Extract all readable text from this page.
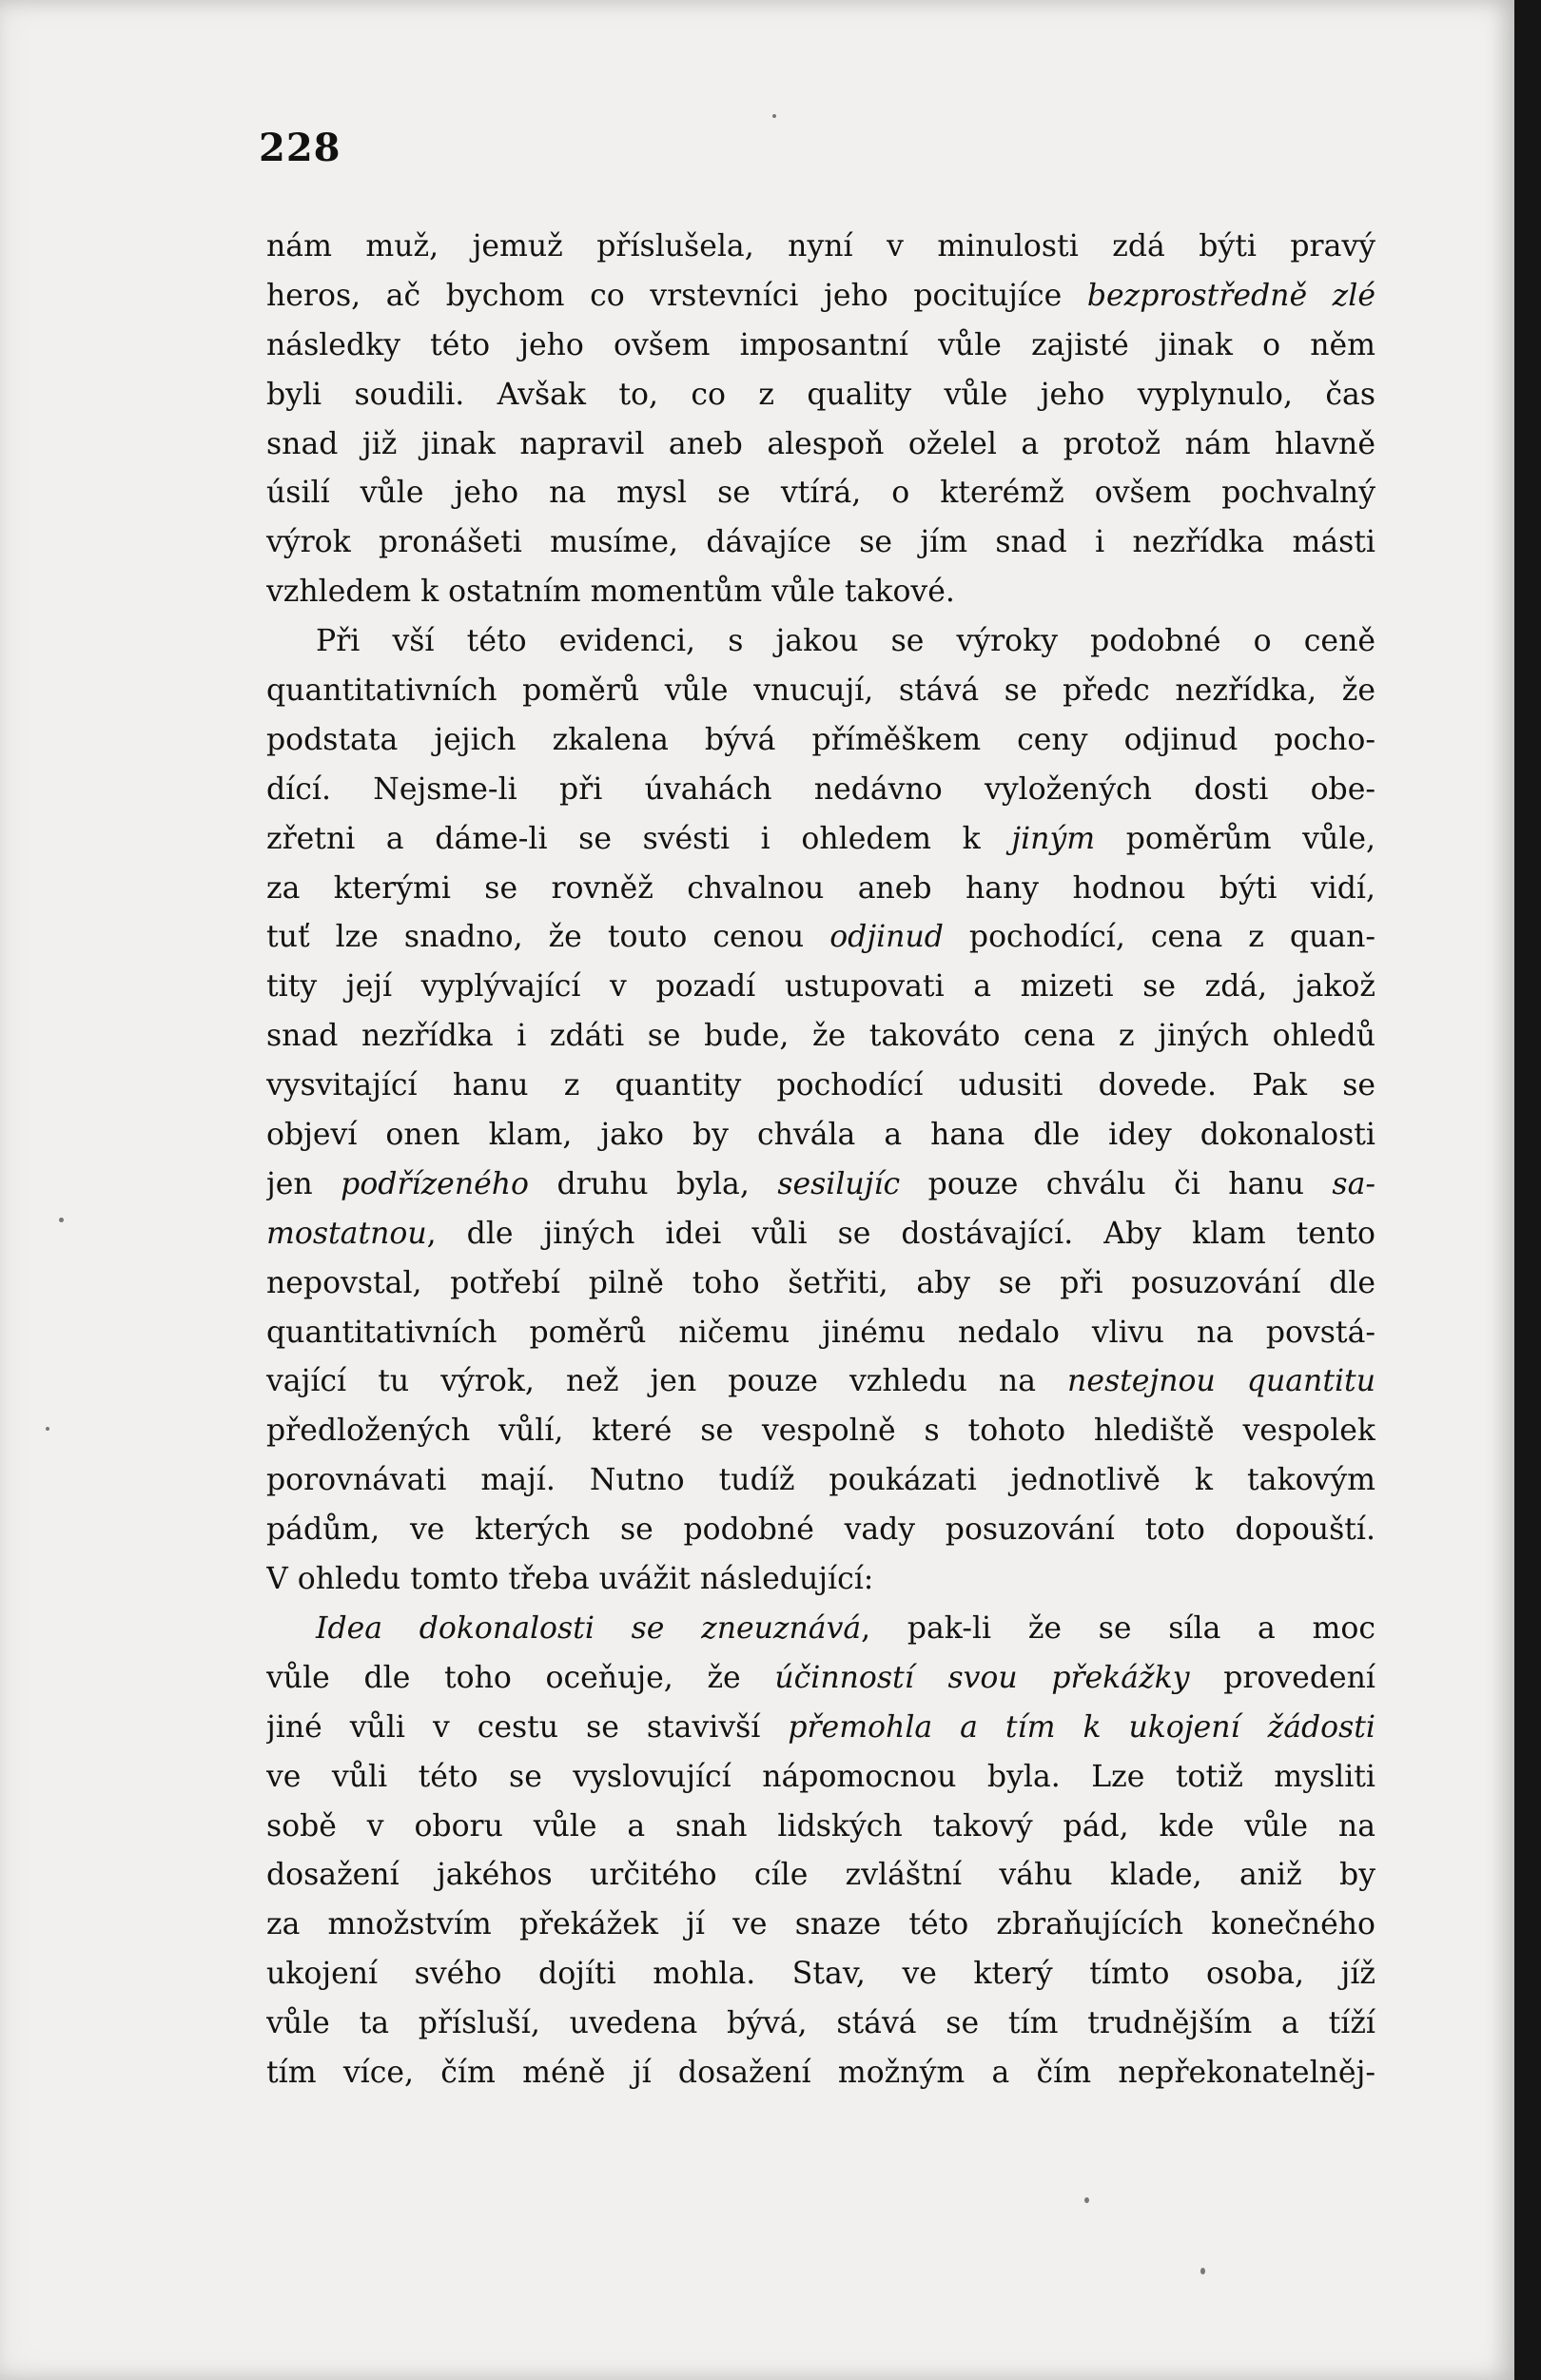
228
nám muž, jemuž příslušela, nyní v minulosti zdá býti pravý
heros, ač bychom co vrstevníci jeho pocitujíce bezprostředně zlé
následky této jeho ovšem imposantní vůle zajisté jinak o něm
byli soudili. Avšak to, co z quality vůle jeho vyplynulo, čas
snad již jinak napravil aneb alespoň oželel a protož nám hlavně
úsilí vůle jeho na mysl se vtírá, o kterémž ovšem pochvalný
výrok pronášeti musíme, dávajíce se jím snad i nezřídka másti
vzhledem k ostatním momentům vůle takové.
Při vší této evidenci, s jakou se výroky podobné o ceně
quantitativních poměrů vůle vnucují, stává se předc nezřídka, že
podstata jejich zkalena bývá příměškem ceny odjinud pocho-
dící. Nejsme-li při úvahách nedávno vyložených dosti obe-
zřetni a dáme-li se svésti i ohledem k jiným poměrům vůle,
za kterými se rovněž chvalnou aneb hany hodnou býti vidí,
tuť lze snadno, že touto cenou odjinud pochodící, cena z quan-
tity její vyplývající v pozadí ustupovati a mizeti se zdá, jakož
snad nezřídka i zdáti se bude, že takováto cena z jiných ohledů
vysvitající hanu z quantity pochodící udusiti dovede. Pak se
objeví onen klam, jako by chvála a hana dle idey dokonalosti
jen podřízeného druhu byla, sesilujíc pouze chválu či hanu sa-
mostatnou, dle jiných idei vůli se dostávající. Aby klam tento
nepovstal, potřebí pilně toho šetřiti, aby se při posuzování dle
quantitativních poměrů ničemu jinému nedalo vlivu na povstá-
vající tu výrok, než jen pouze vzhledu na nestejnou quantitu
předložených vůlí, které se vespolně s tohoto hlediště vespolek
porovnávati mají. Nutno tudíž poukázati jednotlivě k takovým
pádům, ve kterých se podobné vady posuzování toto dopouští.
V ohledu tomto třeba uvážit následující:
Idea dokonalosti se zneuznává, pak-li že se síla a moc
vůle dle toho oceňuje, že účinností svou překážky provedení
jiné vůli v cestu se stavivší přemohla a tím k ukojení žádosti
ve vůli této se vyslovující nápomocnou byla. Lze totiž mysliti
sobě v oboru vůle a snah lidských takový pád, kde vůle na
dosažení jakéhos určitého cíle zvláštní váhu klade, aniž by
za množstvím překážek jí ve snaze této zbraňujících konečného
ukojení svého dojíti mohla. Stav, ve který tímto osoba, jíž
vůle ta přísluší, uvedena bývá, stává se tím trudnějším a tíží
tím více, čím méně jí dosažení možným a čím nepřekonatelněj-
